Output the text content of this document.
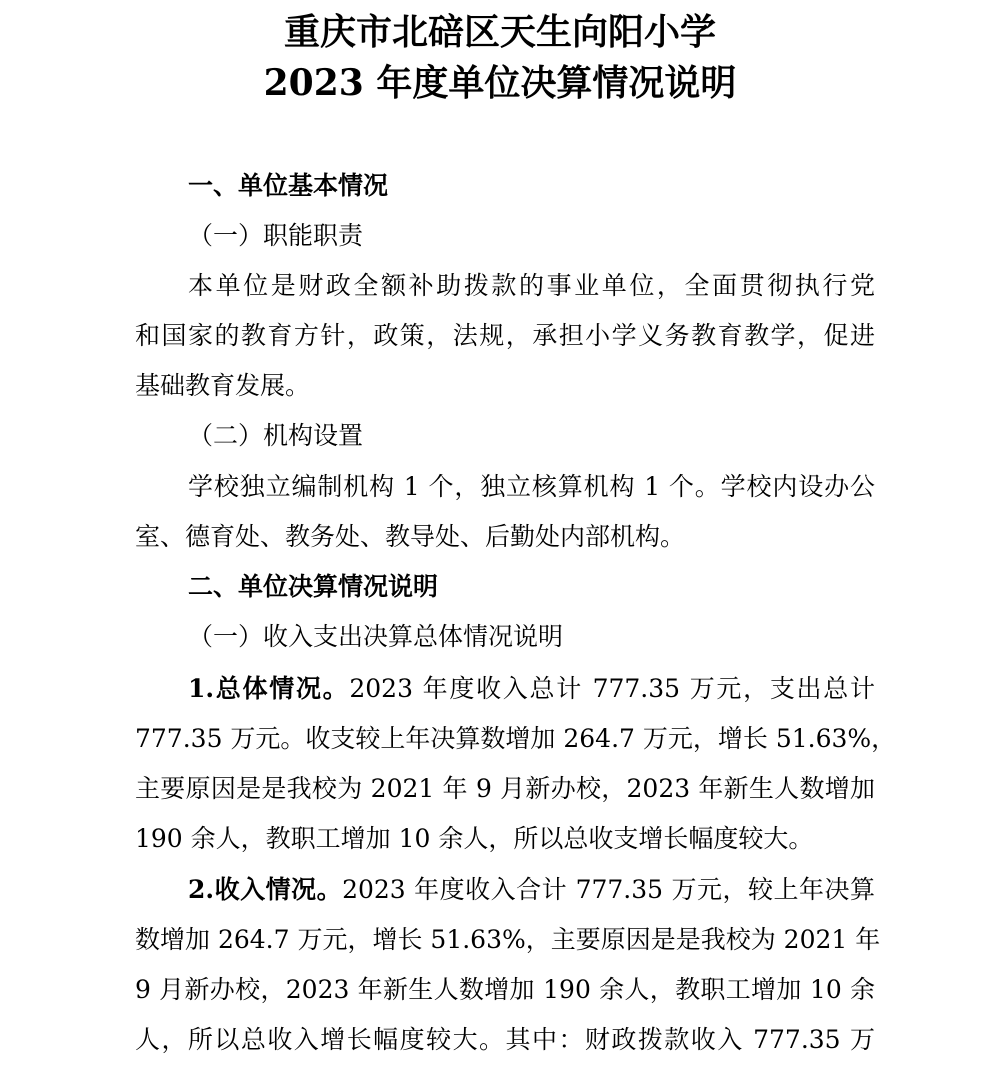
重庆市北碚区天生向阳小学
2023 年度单位决算情况说明
一、单位基本情况
（一）职能职责
本单位是财政全额补助拨款的事业单位，全面贯彻执行党
和国家的教育方针，政策，法规，承担小学义务教育教学，促进
基础教育发展。
（二）机构设置
学校独立编制机构 1 个，独立核算机构 1 个。学校内设办公
室、德育处、教务处、教导处、后勤处内部机构。
二、单位决算情况说明
（一）收入支出决算总体情况说明
1.总体情况。2023 年度收入总计 777.35 万元，支出总计
777.35 万元。收支较上年决算数增加 264.7 万元，增长 51.63%，
主要原因是是我校为 2021 年 9 月新办校，2023 年新生人数增加
190 余人，教职工增加 10 余人，所以总收支增长幅度较大。
2.收入情况。2023 年度收入合计 777.35 万元，较上年决算
数增加 264.7 万元，增长 51.63%，主要原因是是我校为 2021 年
9 月新办校，2023 年新生人数增加 190 余人，教职工增加 10 余
人，所以总收入增长幅度较大。其中：财政拨款收入 777.35 万
